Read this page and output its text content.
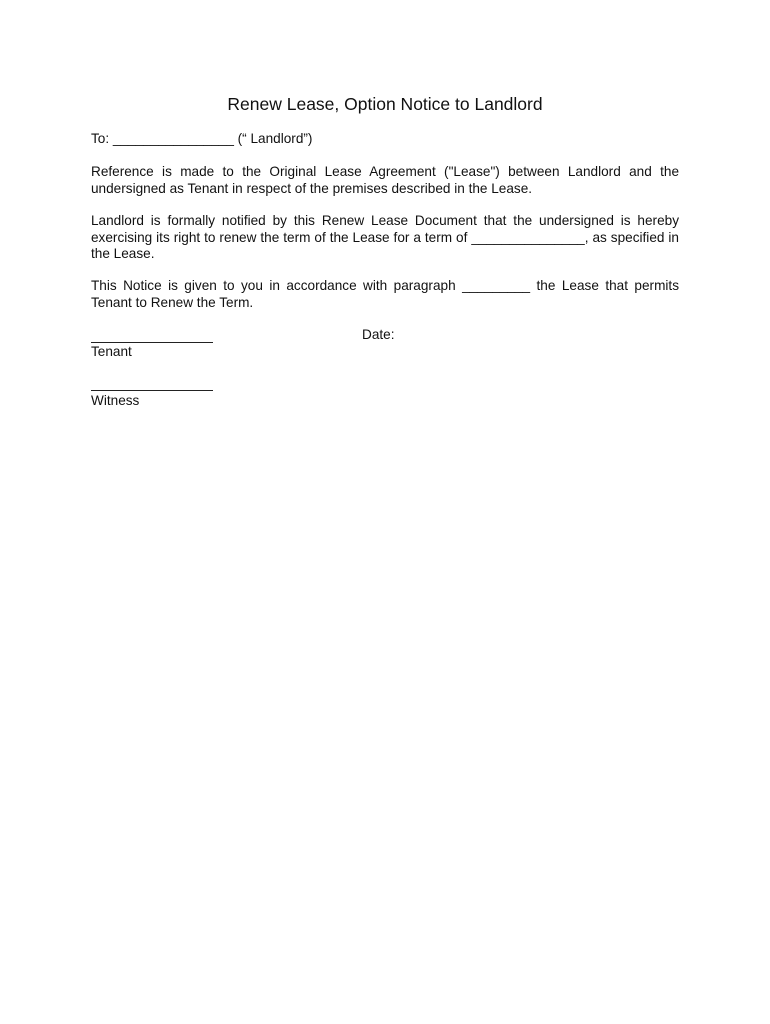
Renew Lease, Option Notice to Landlord
To: ________________ (“ Landlord”)
Reference is made to the Original Lease Agreement ("Lease") between Landlord and the undersigned as Tenant in respect of the premises described in the Lease.
Landlord is formally notified by this Renew Lease Document that the undersigned is hereby exercising its right to renew the term of the Lease for a term of _______________, as specified in the Lease.
This Notice is given to you in accordance with paragraph _________ the Lease that permits Tenant to Renew the Term.
Tenant
Date:
Witness
